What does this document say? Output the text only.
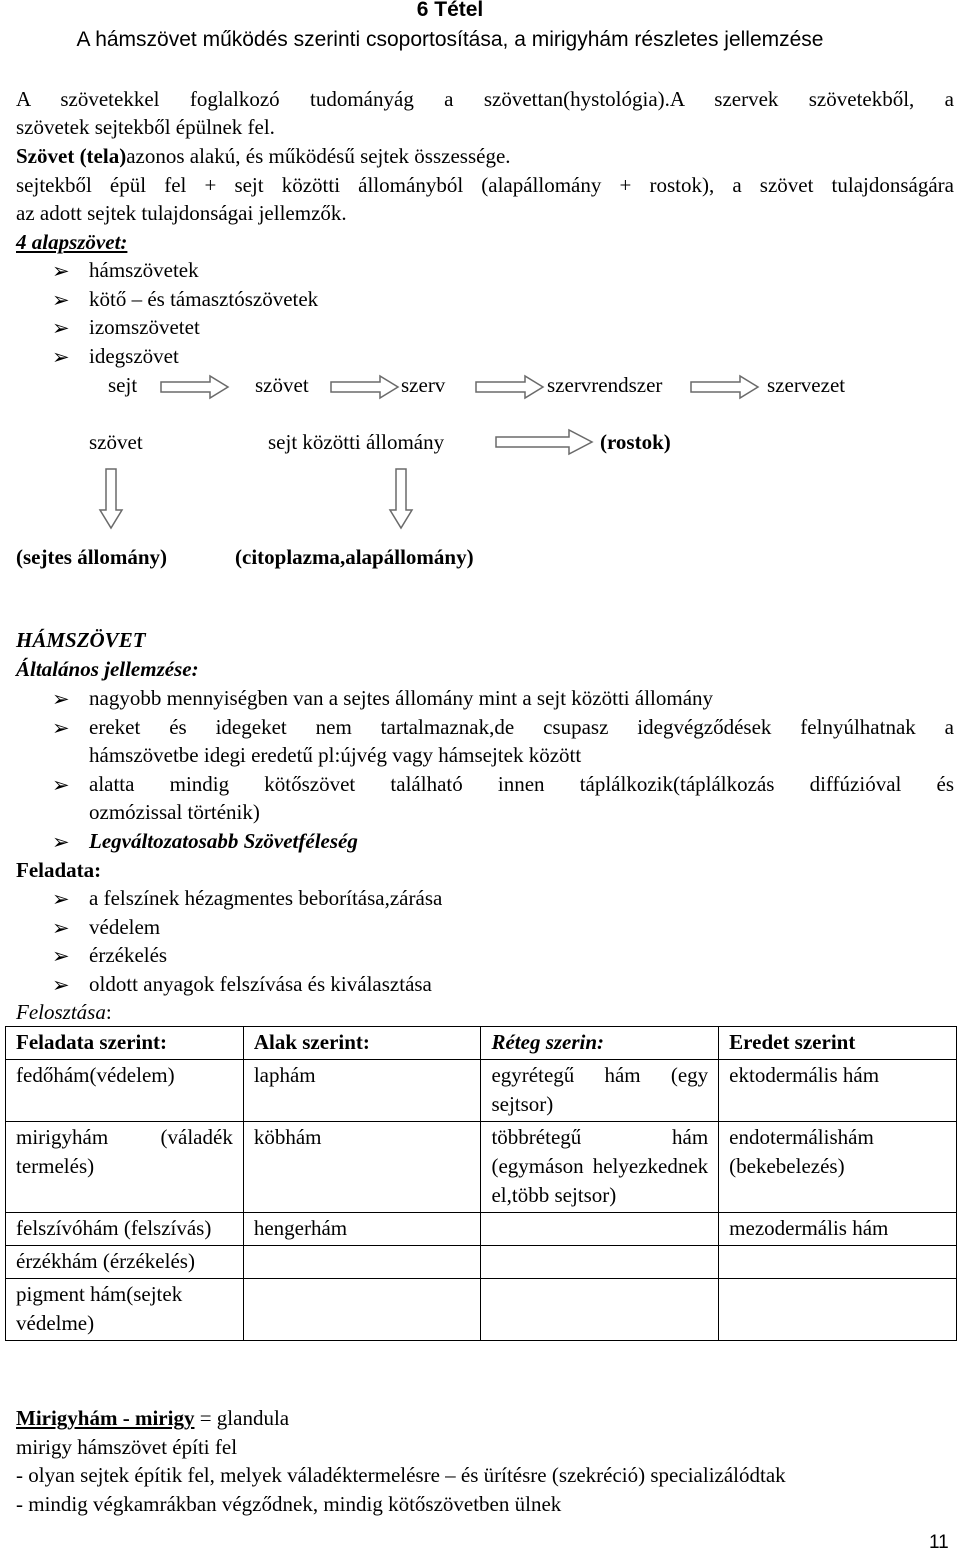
6 Tétel
A hámszövet működés szerinti csoportosítása, a mirigyhám részletes jellemzése
A szövetekkel foglalkozó tudományág a szövettan(hystológia).A szervek szövetekből, a
szövetek sejtekből épülnek fel.
Szövet (tela)azonos alakú, és működésű sejtek összessége.
sejtekből épül fel + sejt közötti állományból (alapállomány + rostok), a szövet tulajdonságára
az adott sejtek tulajdonságai jellemzők.
4 alapszövet:
➢ hámszövetek
➢ kötő – és támasztószövetek
➢ izomszövetet
➢ idegszövet
sejt	szövet	szerv	szervrendszer	szervezet
szövet	sejt közötti állomány	(rostok)
(sejtes állomány)	(citoplazma,alapállomány)
HÁMSZÖVET
Általános jellemzése:
➢ nagyobb mennyiségben van a sejtes állomány mint a sejt közötti állomány
➢ ereket és idegeket nem tartalmaznak,de csupasz idegvégződések felnyúlhatnak a
hámszövetbe idegi eredetű pl:újvég vagy hámsejtek között
➢ alatta mindig kötőszövet található innen táplálkozik(táplálkozás diffúzióval és
ozmózissal történik)
➢ Legváltozatosabb Szövetféleség
Feladata:
➢ a felszínek hézagmentes beborítása,zárása
➢ védelem
➢ érzékelés
➢ oldott anyagok felszívása és kiválasztása
Felosztása:
Feladata szerint:	Alak szerint:	Réteg szerin:	Eredet szerint
fedőhám(védelem)	laphám	egyrétegű hám (egy sejtsor)	ektodermális hám
mirigyhám (váladék termelés)	köbhám	többrétegű hám (egymáson helyezkednek el,több sejtsor)	endotermálishám (bekebelezés)
felszívóhám (felszívás)	hengerhám		mezodermális hám
érzékhám (érzékelés)			
pigment hám(sejtek védelme)			
Mirigyhám - mirigy = glandula
mirigy hámszövet építi fel
- olyan sejtek építik fel, melyek váladéktermelésre – és ürítésre (szekréció) specializálódtak
- mindig végkamrákban végződnek, mindig kötőszövetben ülnek
11
